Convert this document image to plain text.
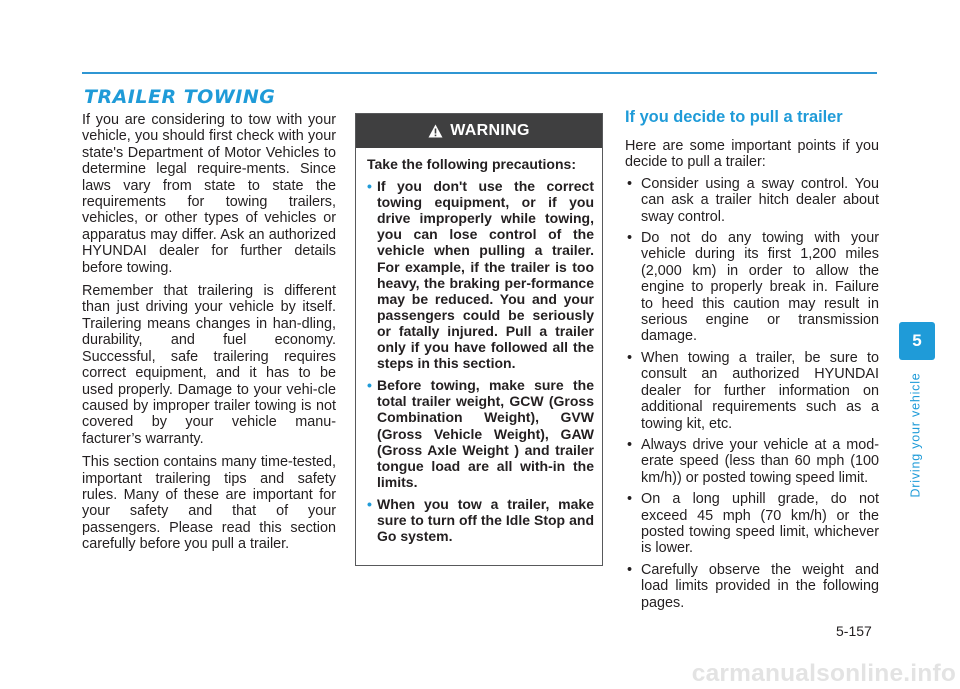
TRAILER TOWING

If you are considering to tow with your vehicle, you should first check with your state's Department of Motor Vehicles to determine legal require-ments. Since laws vary from state to state the requirements for towing trailers, vehicles, or other types of vehicles or apparatus may differ. Ask an authorized HYUNDAI dealer for further details before towing.

Remember that trailering is different than just driving your vehicle by itself. Trailering means changes in han-dling, durability, and fuel economy. Successful, safe trailering requires correct equipment, and it has to be used properly. Damage to your vehi-cle caused by improper trailer towing is not covered by your vehicle manu-facturer’s warranty.

This section contains many time-tested, important trailering tips and safety rules. Many of these are important for your safety and that of your passengers. Please read this section carefully before you pull a trailer.

WARNING

Take the following precautions:

• If you don't use the correct towing equipment, or if you drive improperly while towing, you can lose control of the vehicle when pulling a trailer. For example, if the trailer is too heavy, the braking per-formance may be reduced. You and your passengers could be seriously or fatally injured. Pull a trailer only if you have followed all the steps in this section.
• Before towing, make sure the total trailer weight, GCW (Gross Combination Weight), GVW (Gross Vehicle Weight), GAW (Gross Axle Weight ) and trailer tongue load are all with-in the limits.
• When you tow a trailer, make sure to turn off the Idle Stop and Go system.
If you decide to pull a trailer

Here are some important points if you decide to pull a trailer:

• Consider using a sway control. You can ask a trailer hitch dealer about sway control.
• Do not do any towing with your vehicle during its first 1,200 miles (2,000 km) in order to allow the engine to properly break in. Failure to heed this caution may result in serious engine or transmission damage.
• When towing a trailer, be sure to consult an authorized HYUNDAI dealer for further information on additional requirements such as a towing kit, etc.
• Always drive your vehicle at a mod-erate speed (less than 60 mph (100 km/h)) or posted towing speed limit.
• On a long uphill grade, do not exceed 45 mph (70 km/h) or the posted towing speed limit, whichever is lower.
• Carefully observe the weight and load limits provided in the following pages.
5
Driving your vehicle
5-157

carmanualsonline.info
